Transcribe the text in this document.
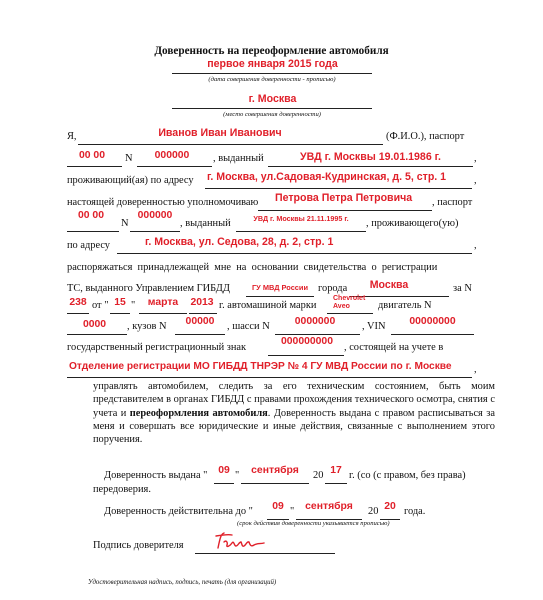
Доверенность на переоформление автомобиля
первое января 2015 года
(дата совершения доверенности - прописью)
г. Москва
(место совершения доверенности)
Я,	Иванов Иван Иванович	(Ф.И.О.), паспорт
00 00	N	000000	, выданный	УВД г. Москвы 19.01.1986 г.	,
проживающий(ая) по адресу г. Москва, ул.Садовая-Кудринская, д. 5, стр. 1	,
настоящей доверенностью уполномочиваю Петрова Петра Петровича , паспорт
00 00
N
000000
, выданный	УВД г. Москвы 21.11.1995 г.	, проживающего(ую)
по адресу	г. Москва, ул. Седова, 28, д. 2, стр. 1	,
распоряжаться принадлежащей мне на основании свидетельства о регистрации
ТС, выданного Управлением ГИБДД	ГУ МВД России города	Москва	за N
238 от " 15 "	марта	2013 г. автомашиной марки
Chevrolet
Aveo	двигатель N
0000	, кузов N	00000	, шасси N	0000000	, VIN	00000000
государственный регистрационный знак
000000000
, состоящей на учете в
Отделение регистрации МО ГИБДД ТНРЭР № 4 ГУ МВД России по г. Москве ,
управлять автомобилем, следить за его техническим состоянием, быть моим представителем в органах ГИБДД с правами прохождения технического осмотра, снятия с учета и переоформления автомобиля. Доверенность выдана с правом расписываться за меня и совершать все юридические и иные действия, связанные с выполнением этого поручения.
Доверенность выдана "	09 "	сентября	20 17 г. (со (с правом, без права)
передоверия.
Доверенность действительна до "	09 "	сентября	20 20 года.
(срок действия доверенности указывается прописью)
Подпись доверителя
Удостоверительная надпись, подпись, печать (для организаций)
